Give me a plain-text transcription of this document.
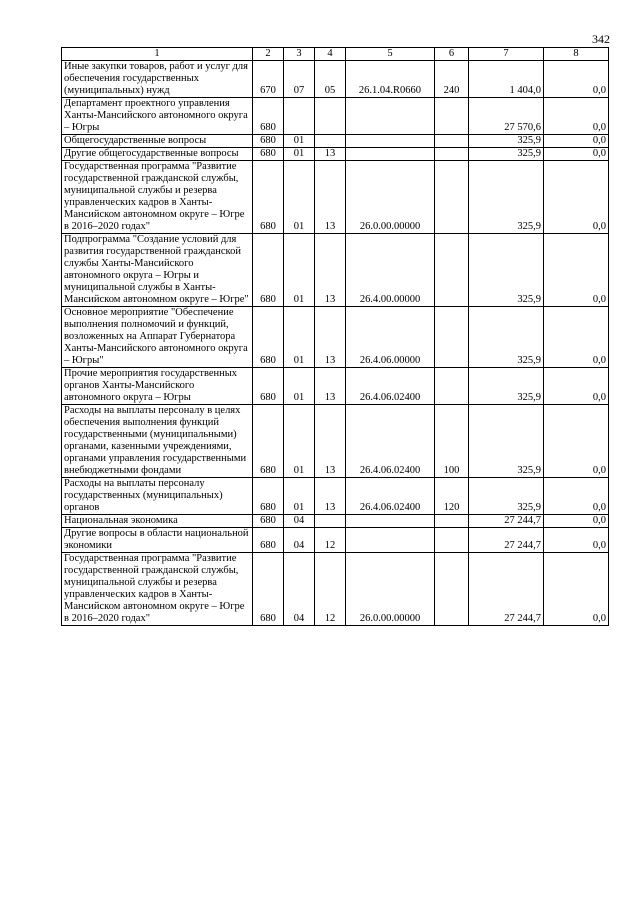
342
1	2	3	4	5	6	7	8
Иные закупки товаров, работ и услуг для обеспечения государственных (муниципальных) нужд	670	07	05	26.1.04.R0660	240	1 404,0	0,0
Департамент проектного управления Ханты-Мансийского автономного округа – Югры	680					27 570,6	0,0
Общегосударственные вопросы	680	01				325,9	0,0
Другие общегосударственные вопросы	680	01	13			325,9	0,0
Государственная программа "Развитие государственной гражданской службы, муниципальной службы и резерва управленческих кадров в Ханты-Мансийском автономном округе – Югре в 2016–2020 годах"	680	01	13	26.0.00.00000		325,9	0,0
Подпрограмма "Создание условий для развития государственной гражданской службы Ханты-Мансийского автономного округа – Югры и муниципальной службы в Ханты-Мансийском автономном округе – Югре"	680	01	13	26.4.00.00000		325,9	0,0
Основное мероприятие "Обеспечение выполнения полномочий и функций, возложенных на Аппарат Губернатора Ханты-Мансийского автономного округа – Югры"	680	01	13	26.4.06.00000		325,9	0,0
Прочие мероприятия государственных органов Ханты-Мансийского автономного округа – Югры	680	01	13	26.4.06.02400		325,9	0,0
Расходы на выплаты персоналу в целях обеспечения выполнения функций государственными (муниципальными) органами, казенными учреждениями, органами управления государственными внебюджетными фондами	680	01	13	26.4.06.02400	100	325,9	0,0
Расходы на выплаты персоналу государственных (муниципальных) органов	680	01	13	26.4.06.02400	120	325,9	0,0
Национальная экономика	680	04				27 244,7	0,0
Другие вопросы в области национальной экономики	680	04	12			27 244,7	0,0
Государственная программа "Развитие государственной гражданской службы, муниципальной службы и резерва управленческих кадров в Ханты-Мансийском автономном округе – Югре в 2016–2020 годах"	680	04	12	26.0.00.00000		27 244,7	0,0
